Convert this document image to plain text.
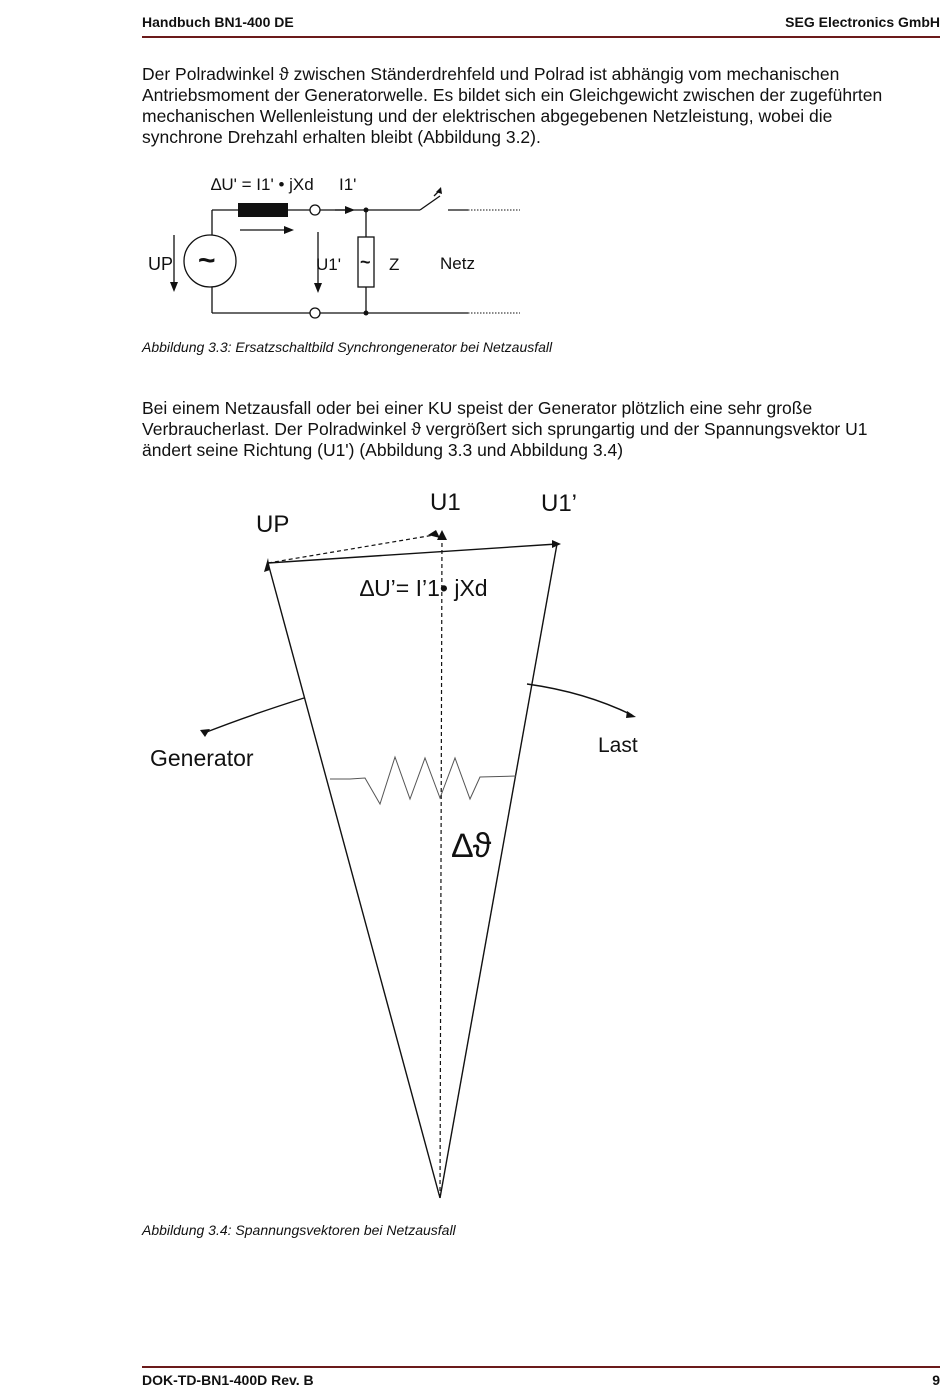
Handbuch BN1-400 DE	SEG Electronics GmbH
Der Polradwinkel ϑ zwischen Ständerdrehfeld und Polrad ist abhängig vom mechanischen
Antriebsmoment der Generatorwelle. Es bildet sich ein Gleichgewicht zwischen der zugeführten
mechanischen Wellenleistung und der elektrischen abgegebenen Netzleistung, wobei die
synchrone Drehzahl erhalten bleibt (Abbildung 3.2).
∆U' = I1' • jXd I1'
UP ~	U1' ~ Z Netz
Abbildung 3.3: Ersatzschaltbild Synchrongenerator bei Netzausfall
Bei einem Netzausfall oder bei einer KU speist der Generator plötzlich eine sehr große
Verbraucherlast. Der Polradwinkel ϑ vergrößert sich sprungartig und der Spannungsvektor U1
ändert seine Richtung (U1') (Abbildung 3.3 und Abbildung 3.4)
UP
U1	U1’
∆U’= I’1• jXd
Generator	Last
∆ϑ
Abbildung 3.4: Spannungsvektoren bei Netzausfall
DOK-TD-BN1-400D Rev. B	9
